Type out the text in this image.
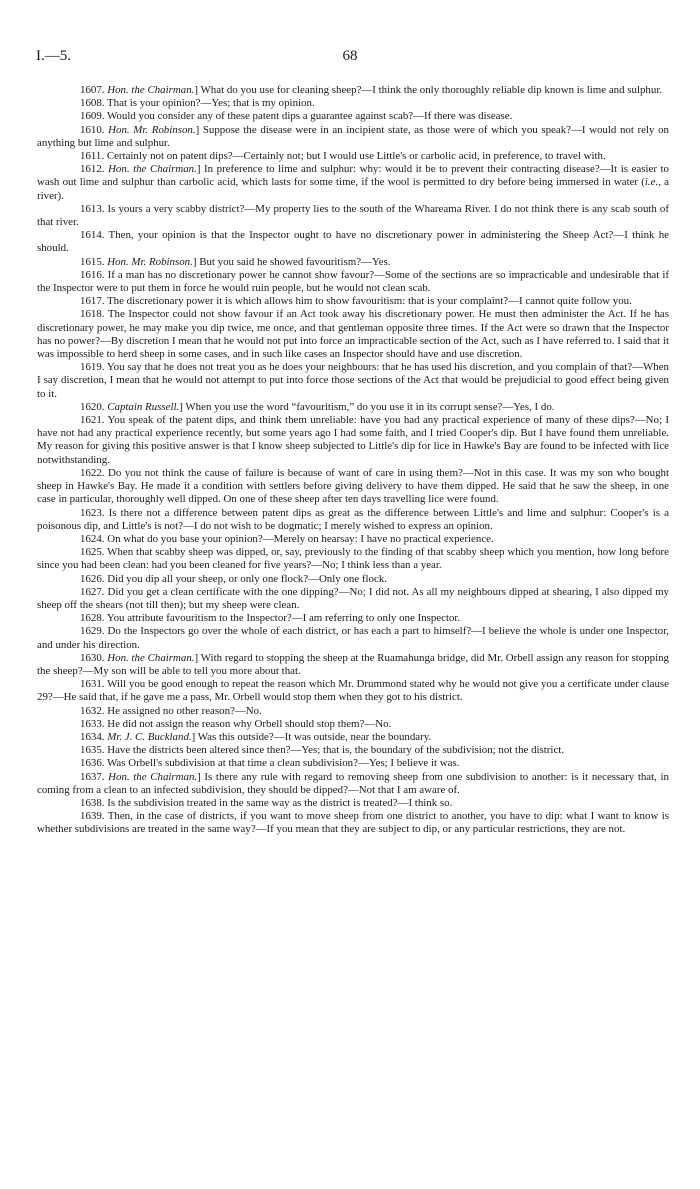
I.—5.	68

1607. Hon. the Chairman.] What do you use for cleaning sheep?—I think the only thoroughly reliable dip known is lime and sulphur.

1608. That is your opinion?—Yes; that is my opinion.

1609. Would you consider any of these patent dips a guarantee against scab?—If there was disease.

1610. Hon. Mr. Robinson.] Suppose the disease were in an incipient state, as those were of which you speak?—I would not rely on anything but lime and sulphur.

1611. Certainly not on patent dips?—Certainly not; but I would use Little's or carbolic acid, in preference, to travel with.

1612. Hon. the Chairman.] In preference to lime and sulphur: why: would it be to prevent their contracting disease?—It is easier to wash out lime and sulphur than carbolic acid, which lasts for some time, if the wool is permitted to dry before being immersed in water (i.e., a river).

1613. Is yours a very scabby district?—My property lies to the south of the Whareama River. I do not think there is any scab south of that river.

1614. Then, your opinion is that the Inspector ought to have no discretionary power in administering the Sheep Act?—I think he should.

1615. Hon. Mr. Robinson.] But you said he showed favouritism?—Yes.

1616. If a man has no discretionary power he cannot show favour?—Some of the sections are so impracticable and undesirable that if the Inspector were to put them in force he would ruin people, but he would not clean scab.

1617. The discretionary power it is which allows him to show favouritism: that is your complaint?—I cannot quite follow you.

1618. The Inspector could not show favour if an Act took away his discretionary power. He must then administer the Act. If he has discretionary power, he may make you dip twice, me once, and that gentleman opposite three times. If the Act were so drawn that the Inspector has no power?—By discretion I mean that he would not put into force an impracticable section of the Act, such as I have referred to. I said that it was impossible to herd sheep in some cases, and in such like cases an Inspector should have and use discretion.

1619. You say that he does not treat you as he does your neighbours: that he has used his discretion, and you complain of that?—When I say discretion, I mean that he would not attempt to put into force those sections of the Act that would be prejudicial to good effect being given to it.

1620. Captain Russell.] When you use the word “favouritism,” do you use it in its corrupt sense?—Yes, I do.

1621. You speak of the patent dips, and think them unreliable: have you had any practical experience of many of these dips?—No; I have not had any practical experience recently, but some years ago I had some faith, and I tried Cooper's dip. But I have found them unreliable. My reason for giving this positive answer is that I know sheep subjected to Little's dip for lice in Hawke's Bay are found to be infected with lice notwithstanding.

1622. Do you not think the cause of failure is because of want of care in using them?—Not in this case. It was my son who bought sheep in Hawke's Bay. He made it a condition with settlers before giving delivery to have them dipped. He said that he saw the sheep, in one case in particular, thoroughly well dipped. On one of these sheep after ten days travelling lice were found.

1623. Is there not a difference between patent dips as great as the difference between Little's and lime and sulphur: Cooper's is a poisonous dip, and Little's is not?—I do not wish to be dogmatic; I merely wished to express an opinion.

1624. On what do you base your opinion?—Merely on hearsay: I have no practical experience.

1625. When that scabby sheep was dipped, or, say, previously to the finding of that scabby sheep which you mention, how long before since you had been clean: had you been cleaned for five years?—No; I think less than a year.

1626. Did you dip all your sheep, or only one flock?—Only one flock.

1627. Did you get a clean certificate with the one dipping?—No; I did not. As all my neighbours dipped at shearing, I also dipped my sheep off the shears (not till then); but my sheep were clean.

1628. You attribute favouritism to the Inspector?—I am referring to only one Inspector.

1629. Do the Inspectors go over the whole of each district, or has each a part to himself?—I believe the whole is under one Inspector, and under his direction.

1630. Hon. the Chairman.] With regard to stopping the sheep at the Ruamahunga bridge, did Mr. Orbell assign any reason for stopping the sheep?—My son will be able to tell you more about that.

1631. Will you be good enough to repeat the reason which Mr. Drummond stated why he would not give you a certificate under clause 29?—He said that, if he gave me a pass, Mr. Orbell would stop them when they got to his district.

1632. He assigned no other reason?—No.

1633. He did not assign the reason why Orbell should stop them?—No.

1634. Mr. J. C. Buckland.] Was this outside?—It was outside, near the boundary.

1635. Have the districts been altered since then?—Yes; that is, the boundary of the subdivision; not the district.

1636. Was Orbell's subdivision at that time a clean subdivision?—Yes; I believe it was.

1637. Hon. the Chairman.] Is there any rule with regard to removing sheep from one subdivision to another: is it necessary that, in coming from a clean to an infected subdivision, they should be dipped?—Not that I am aware of.

1638. Is the subdivision treated in the same way as the district is treated?—I think so.

1639. Then, in the case of districts, if you want to move sheep from one district to another, you have to dip: what I want to know is whether subdivisions are treated in the same way?—If you mean that they are subject to dip, or any particular restrictions, they are not.
